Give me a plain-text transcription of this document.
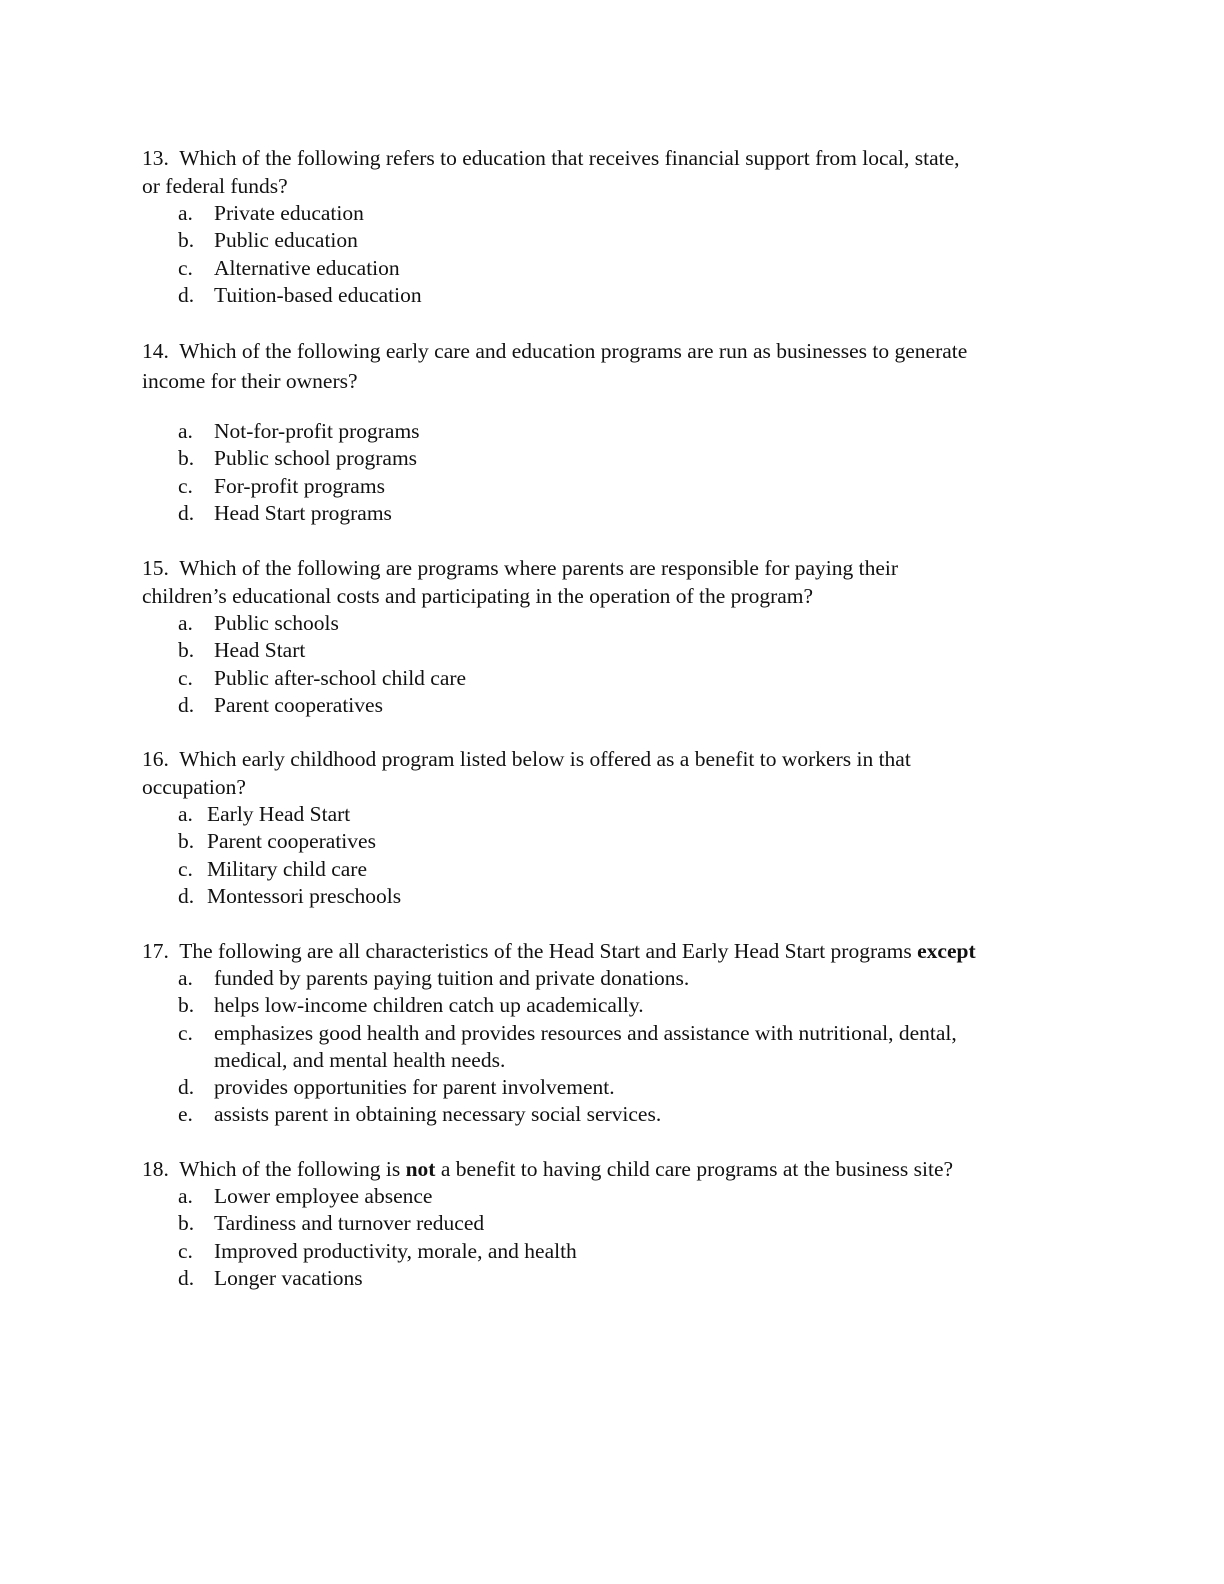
13. Which of the following refers to education that receives financial support from local, state,
or federal funds?
a. Private education
b. Public education
c. Alternative education
d. Tuition-based education
14. Which of the following early care and education programs are run as businesses to generate
income for their owners?
a. Not-for-profit programs
b. Public school programs
c. For-profit programs
d. Head Start programs
15. Which of the following are programs where parents are responsible for paying their
children’s educational costs and participating in the operation of the program?
a. Public schools
b. Head Start
c. Public after-school child care
d. Parent cooperatives
16. Which early childhood program listed below is offered as a benefit to workers in that
occupation?
a. Early Head Start
b. Parent cooperatives
c. Military child care
d. Montessori preschools
17. The following are all characteristics of the Head Start and Early Head Start programs except
a. funded by parents paying tuition and private donations.
b. helps low-income children catch up academically.
c. emphasizes good health and provides resources and assistance with nutritional, dental,
medical, and mental health needs.
d. provides opportunities for parent involvement.
e. assists parent in obtaining necessary social services.
18. Which of the following is not a benefit to having child care programs at the business site?
a. Lower employee absence
b. Tardiness and turnover reduced
c. Improved productivity, morale, and health
d. Longer vacations
